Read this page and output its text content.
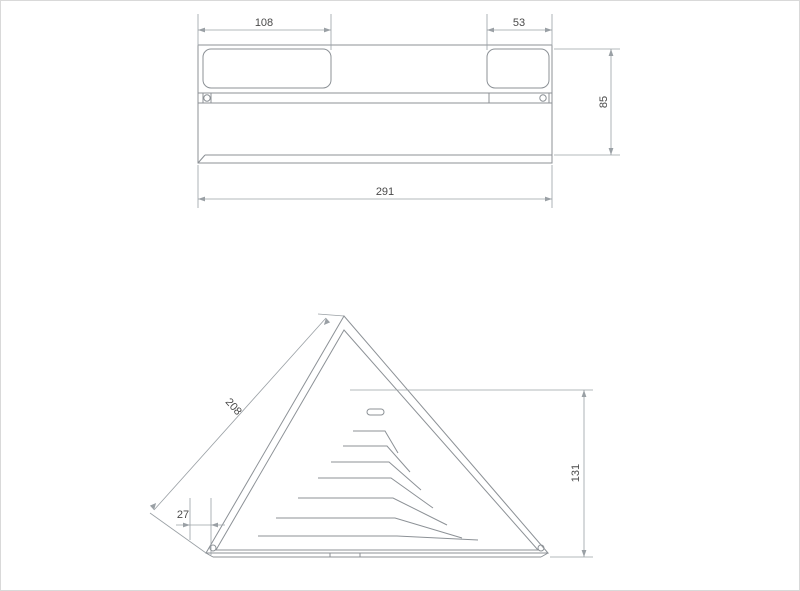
108	53
85
291
208
27
131
